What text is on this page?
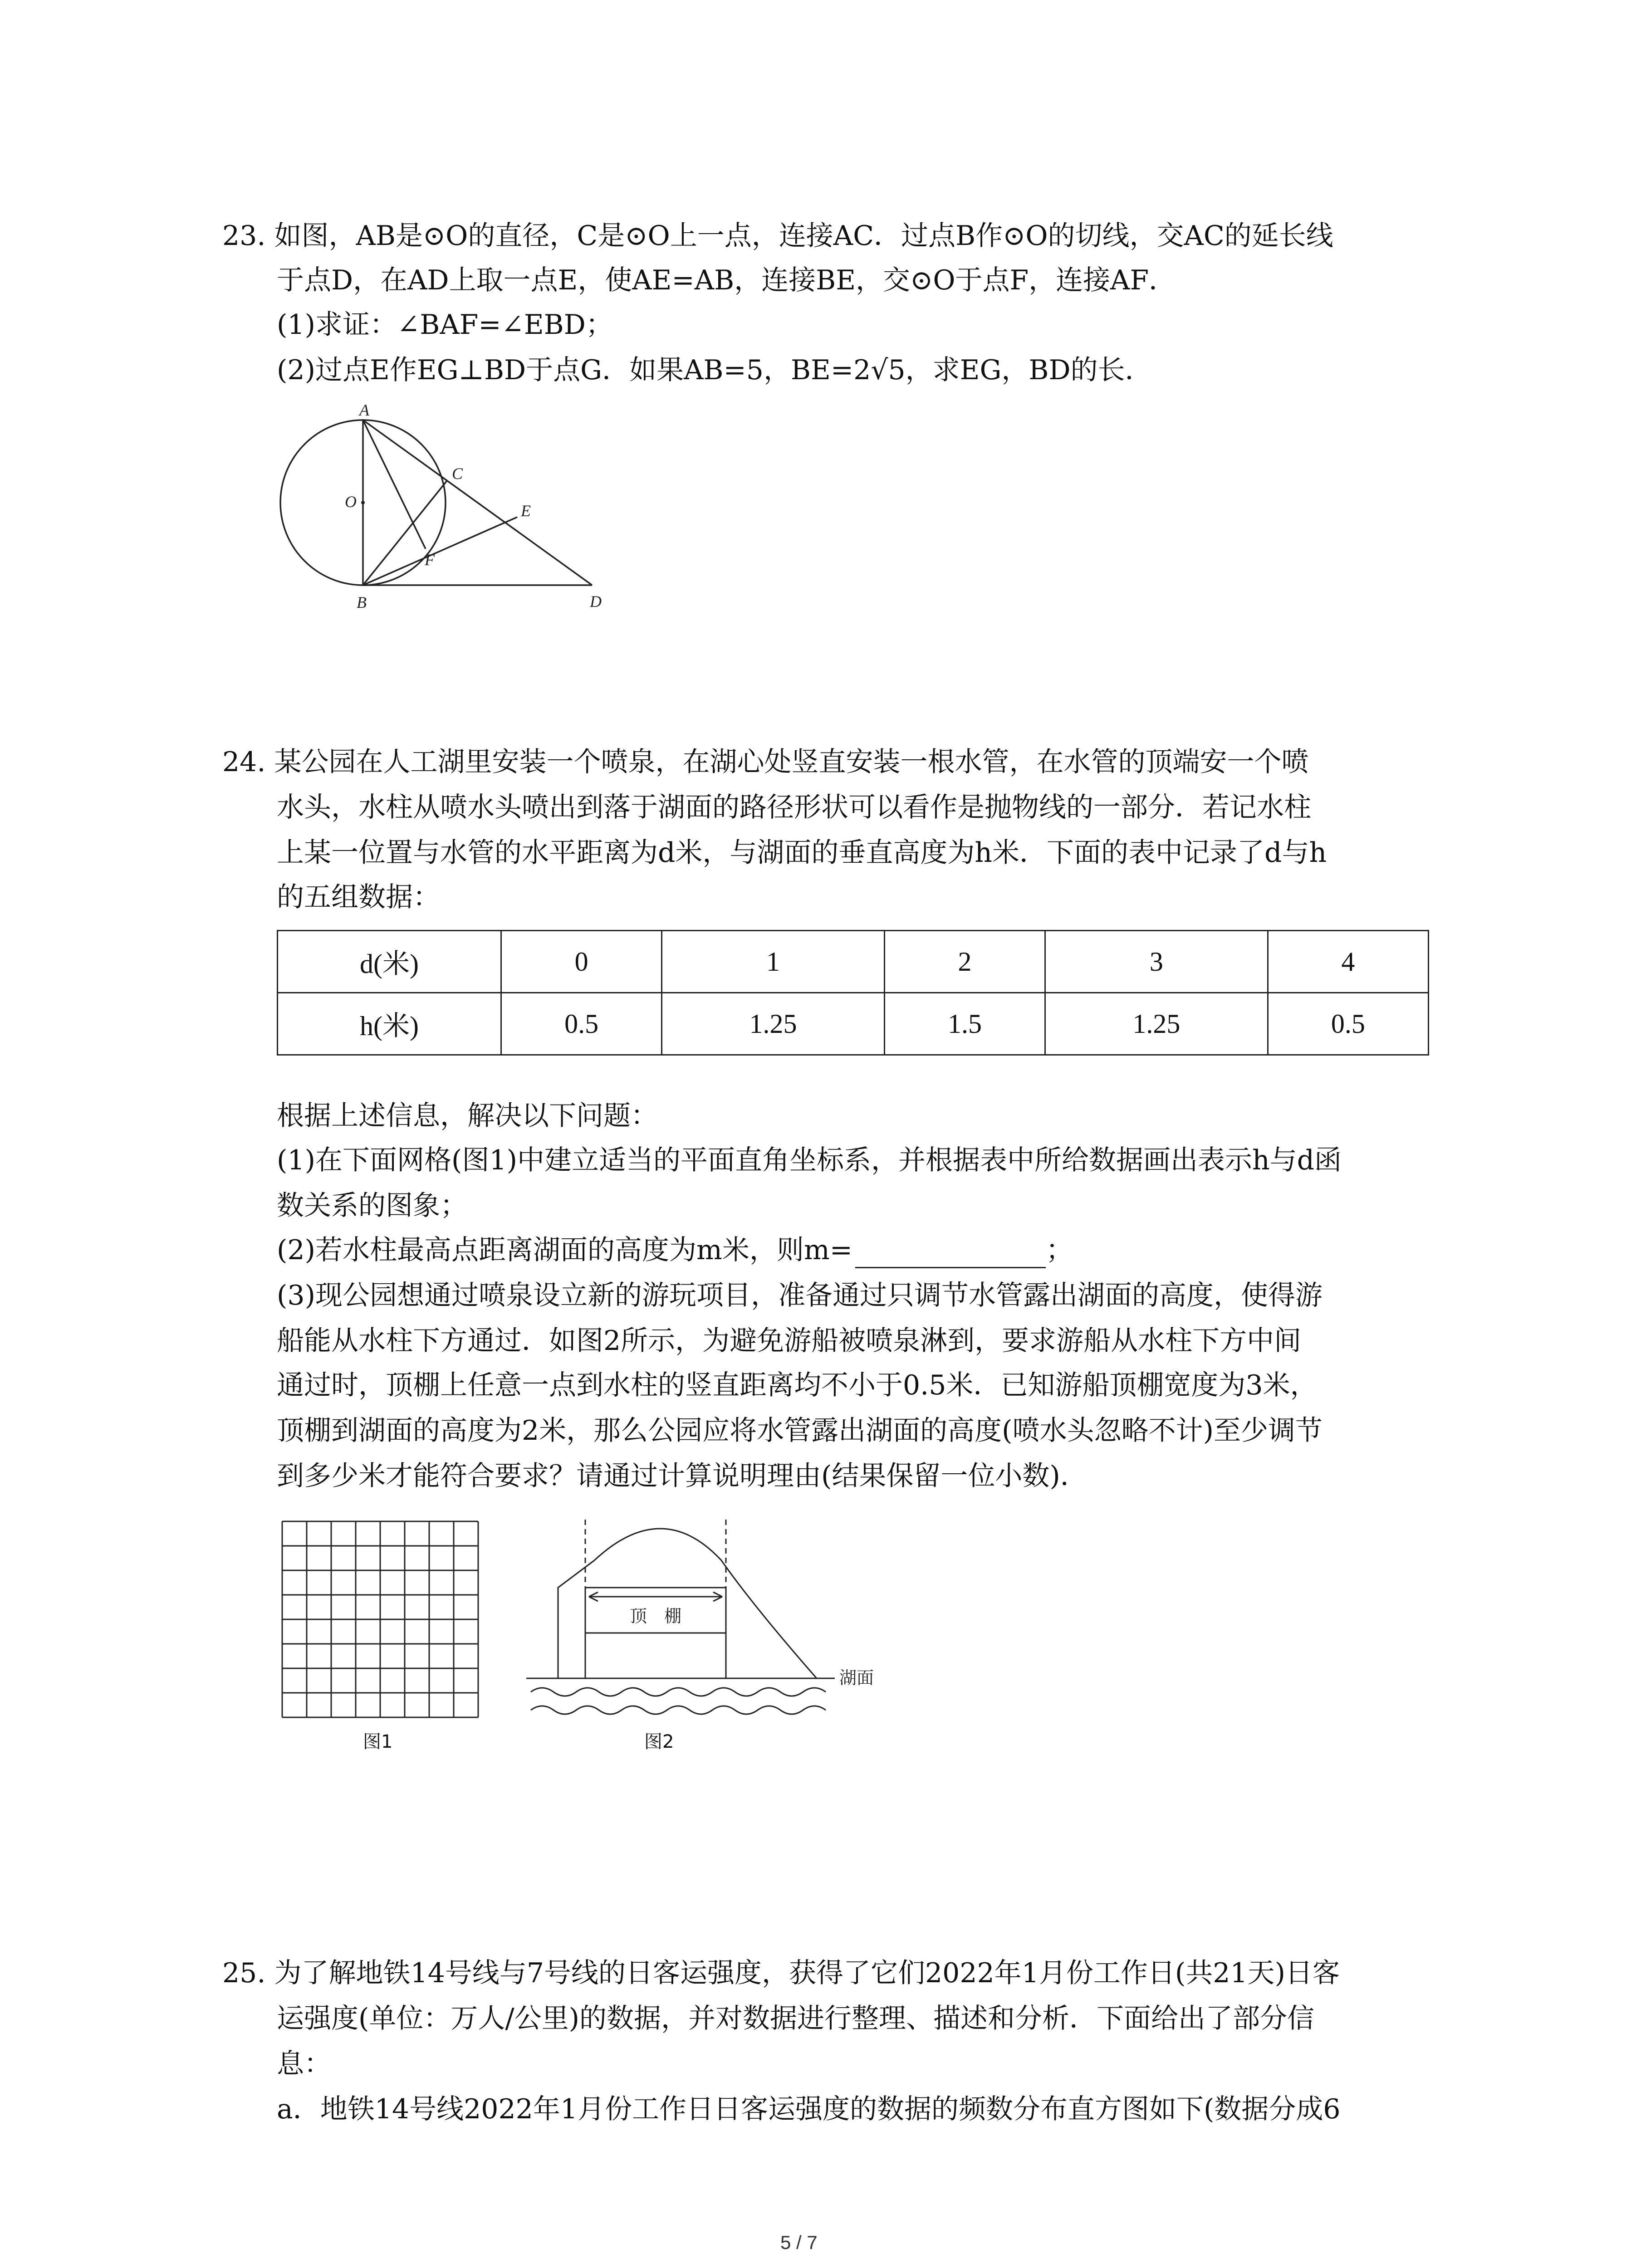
23. 如图，AB是⊙O的直径，C是⊙O上一点，连接AC．过点B作⊙O的切线，交AC的延长线
于点D，在AD上取一点E，使AE=AB，连接BE，交⊙O于点F，连接AF．
(1)求证：∠BAF=∠EBD；
(2)过点E作EG⊥BD于点G．如果AB=5，BE=2√5，求EG，BD的长．
A
O
C
E
F
B	D
24. 某公园在人工湖里安装一个喷泉，在湖心处竖直安装一根水管，在水管的顶端安一个喷
水头，水柱从喷水头喷出到落于湖面的路径形状可以看作是抛物线的一部分．若记水柱
上某一位置与水管的水平距离为d米，与湖面的垂直高度为h米．下面的表中记录了d与h
的五组数据：
d(米)	0	1	2	3	4
h(米)	0.5	1.25	1.5	1.25	0.5
根据上述信息，解决以下问题：
(1)在下面网格(图1)中建立适当的平面直角坐标系，并根据表中所给数据画出表示h与d函
数关系的图象；
(2)若水柱最高点距离湖面的高度为m米，则m=	；
(3)现公园想通过喷泉设立新的游玩项目，准备通过只调节水管露出湖面的高度，使得游
船能从水柱下方通过．如图2所示，为避免游船被喷泉淋到，要求游船从水柱下方中间
通过时，顶棚上任意一点到水柱的竖直距离均不小于0.5米．已知游船顶棚宽度为3米，
顶棚到湖面的高度为2米，那么公园应将水管露出湖面的高度(喷水头忽略不计)至少调节
到多少米才能符合要求？请通过计算说明理由(结果保留一位小数)．
图1
顶　棚
湖面
图2
25. 为了解地铁14号线与7号线的日客运强度，获得了它们2022年1月份工作日(共21天)日客
运强度(单位：万人/公里)的数据，并对数据进行整理、描述和分析．下面给出了部分信
息：
a．地铁14号线2022年1月份工作日日客运强度的数据的频数分布直方图如下(数据分成6
5 / 7
